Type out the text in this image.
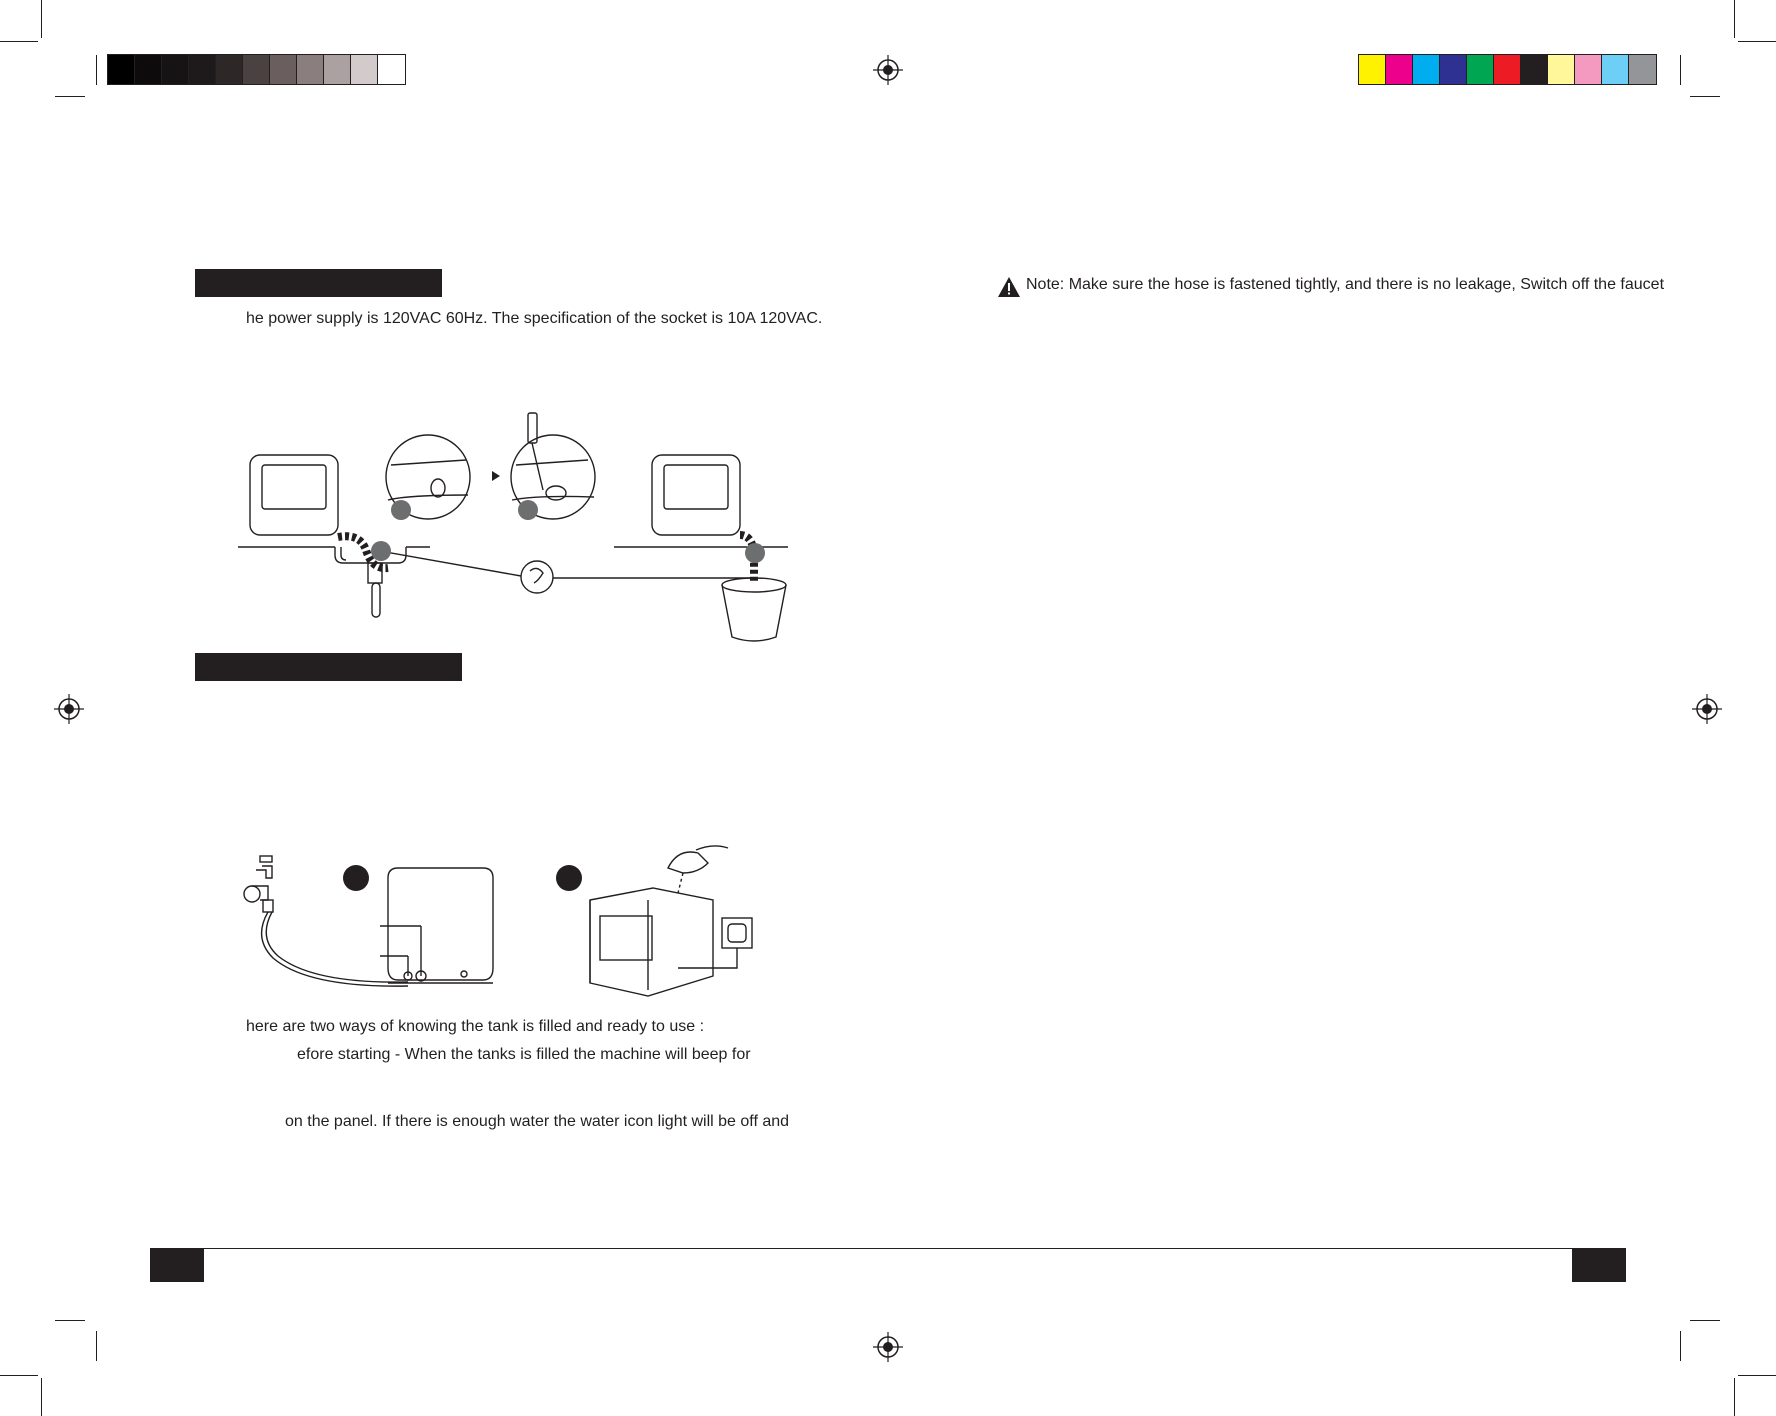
he power supply is 120VAC 60Hz. The specification of the socket is 10A 120VAC.
here are two ways of knowing the tank is filled and ready to use :
efore starting - When the tanks is filled the machine will beep for
on the panel. If there is enough water the water icon light will be off and
Note: Make sure the hose is fastened tightly, and there is no leakage, Switch off the faucet
